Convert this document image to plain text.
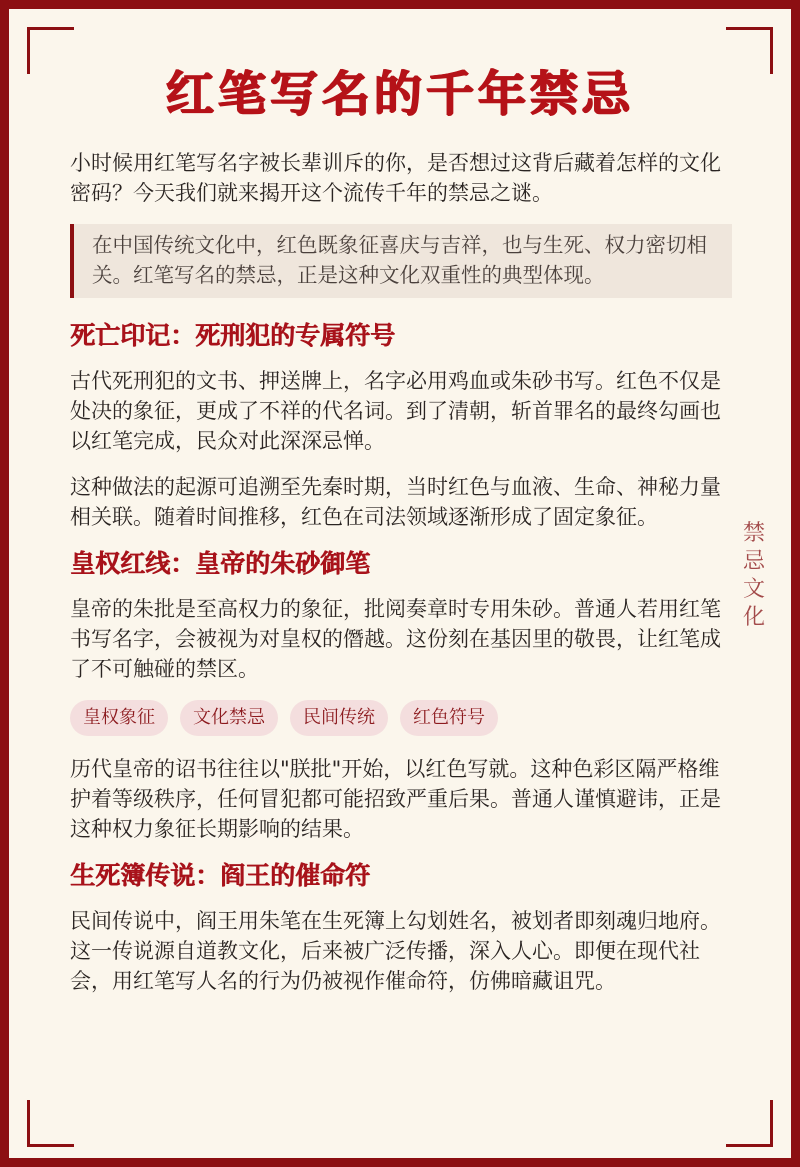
红笔写名的千年禁忌

小时候用红笔写名字被长辈训斥的你，是否想过这背后藏着怎样的文化密码？今天我们就来揭开这个流传千年的禁忌之谜。

在中国传统文化中，红色既象征喜庆与吉祥，也与生死、权力密切相关。红笔写名的禁忌，正是这种文化双重性的典型体现。
死亡印记：死刑犯的专属符号

古代死刑犯的文书、押送牌上，名字必用鸡血或朱砂书写。红色不仅是处决的象征，更成了不祥的代名词。到了清朝，斩首罪名的最终勾画也以红笔完成，民众对此深深忌惮。

这种做法的起源可追溯至先秦时期，当时红色与血液、生命、神秘力量相关联。随着时间推移，红色在司法领域逐渐形成了固定象征。

皇权红线：皇帝的朱砂御笔

皇帝的朱批是至高权力的象征，批阅奏章时专用朱砂。普通人若用红笔书写名字，会被视为对皇权的僭越。这份刻在基因里的敬畏，让红笔成了不可触碰的禁区。

皇权象征	文化禁忌	民间传统	红色符号

历代皇帝的诏书往往以"朕批"开始，以红色写就。这种色彩区隔严格维护着等级秩序，任何冒犯都可能招致严重后果。普通人谨慎避讳，正是这种权力象征长期影响的结果。

生死簿传说：阎王的催命符

民间传说中，阎王用朱笔在生死簿上勾划姓名，被划者即刻魂归地府。这一传说源自道教文化，后来被广泛传播，深入人心。即便在现代社会，用红笔写人名的行为仍被视作催命符，仿佛暗藏诅咒。

禁忌文化
